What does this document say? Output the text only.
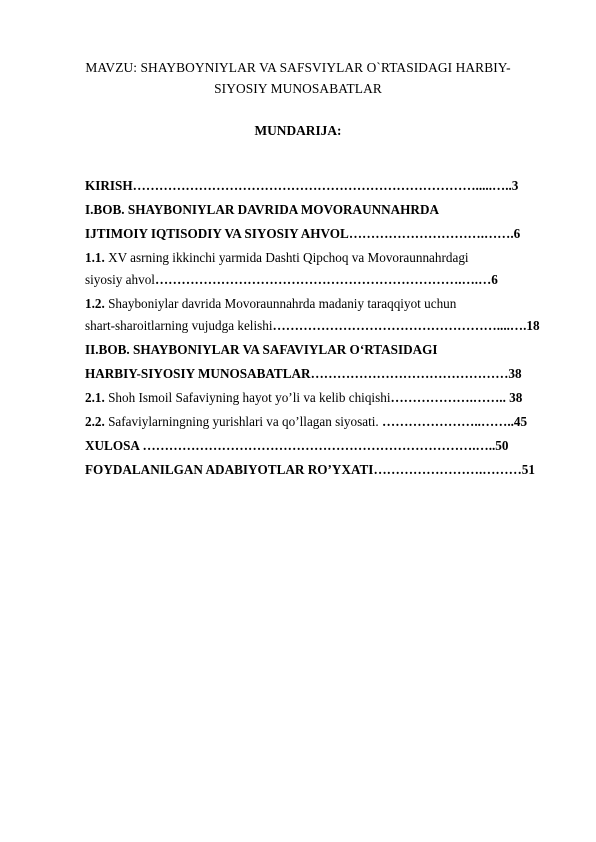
MAVZU: SHAYBOYNIYLAR VA SAFSVIYLAR O`RTASIDAGI HARBIY-
SIYOSIY MUNOSABATLAR
MUNDARIJA:
KIRISH…………………………………………………………………….....…..3
I.BOB. SHAYBONIYLAR DAVRIDA MOVORAUNNAHRDA
IJTIMOIY IQTISODIY VA SIYOSIY AHVOL………………………….…….6
1.1. XV asrning ikkinchi yarmida Dashti Qipchoq va Movoraunnahrdagi
siyosiy ahvol…………………………………………………………….….…6
1.2. Shayboniylar davrida Movoraunnahrda madaniy taraqqiyot uchun
shart-sharoitlarning vujudga kelishi……………………………………………....….18
II.BOB. SHAYBONIYLAR VA SAFAVIYLAR O‘RTASIDAGI
HARBIY-SIYOSIY MUNOSABATLAR………………………………………38
2.1. Shoh Ismoil Safaviyning hayot yo’li va kelib chiqishi……………….…….. 38
2.2. Safaviylarningning yurishlari va qo’llagan siyosati. …………………..……..45
XULOSA ………………………………………………………………….…..50
FOYDALANILGAN ADABIYOTLAR RO’YXATI…………………….………51
